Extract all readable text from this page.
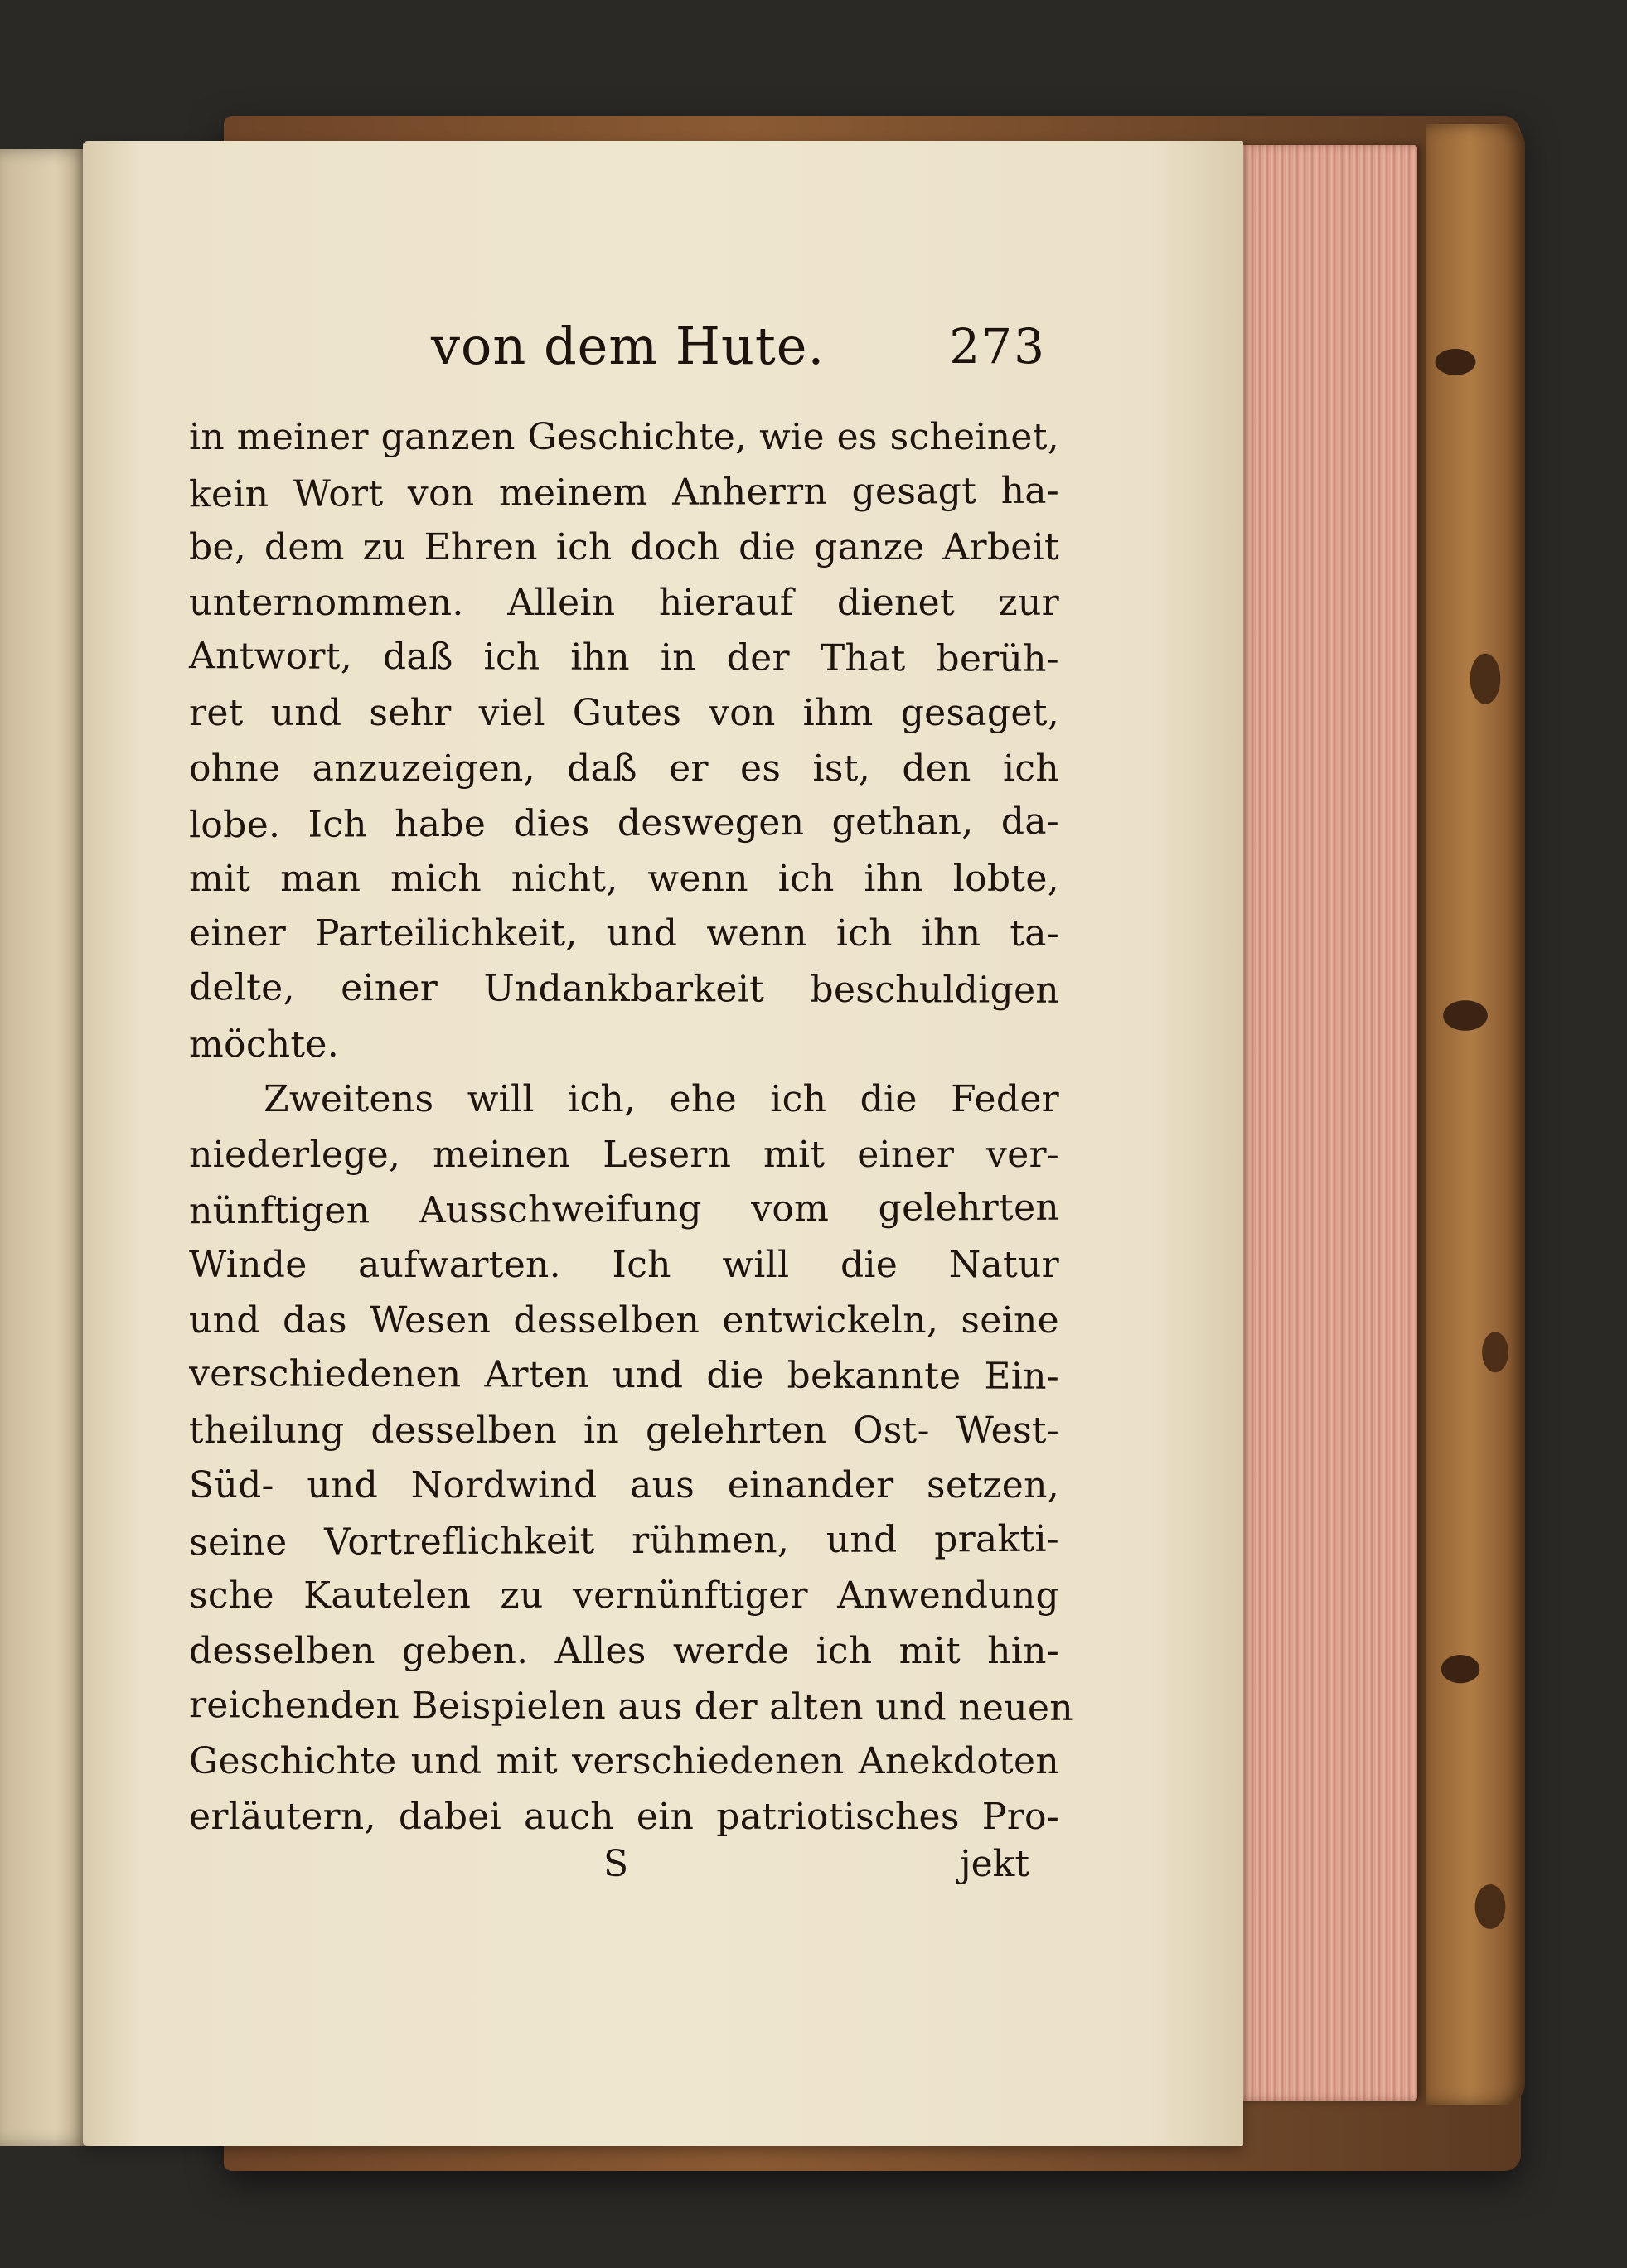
von dem Hute.	273
in meiner ganzen Geschichte, wie es scheinet,
kein Wort von meinem Anherrn gesagt ha-
be, dem zu Ehren ich doch die ganze Arbeit
unternommen. Allein hierauf dienet zur
Antwort, daß ich ihn in der That berüh-
ret und sehr viel Gutes von ihm gesaget,
ohne anzuzeigen, daß er es ist, den ich
lobe. Ich habe dies deswegen gethan, da-
mit man mich nicht, wenn ich ihn lobte,
einer Parteilichkeit, und wenn ich ihn ta-
delte, einer Undankbarkeit beschuldigen
möchte.
Zweitens will ich, ehe ich die Feder
niederlege, meinen Lesern mit einer ver-
nünftigen Ausschweifung vom gelehrten
Winde aufwarten. Ich will die Natur
und das Wesen desselben entwickeln, seine
verschiedenen Arten und die bekannte Ein-
theilung desselben in gelehrten Ost- West-
Süd- und Nordwind aus einander setzen,
seine Vortreflichkeit rühmen, und prakti-
sche Kautelen zu vernünftiger Anwendung
desselben geben. Alles werde ich mit hin-
reichenden Beispielen aus der alten und neuen
Geschichte und mit verschiedenen Anekdoten
erläutern, dabei auch ein patriotisches Pro-
S	jekt
